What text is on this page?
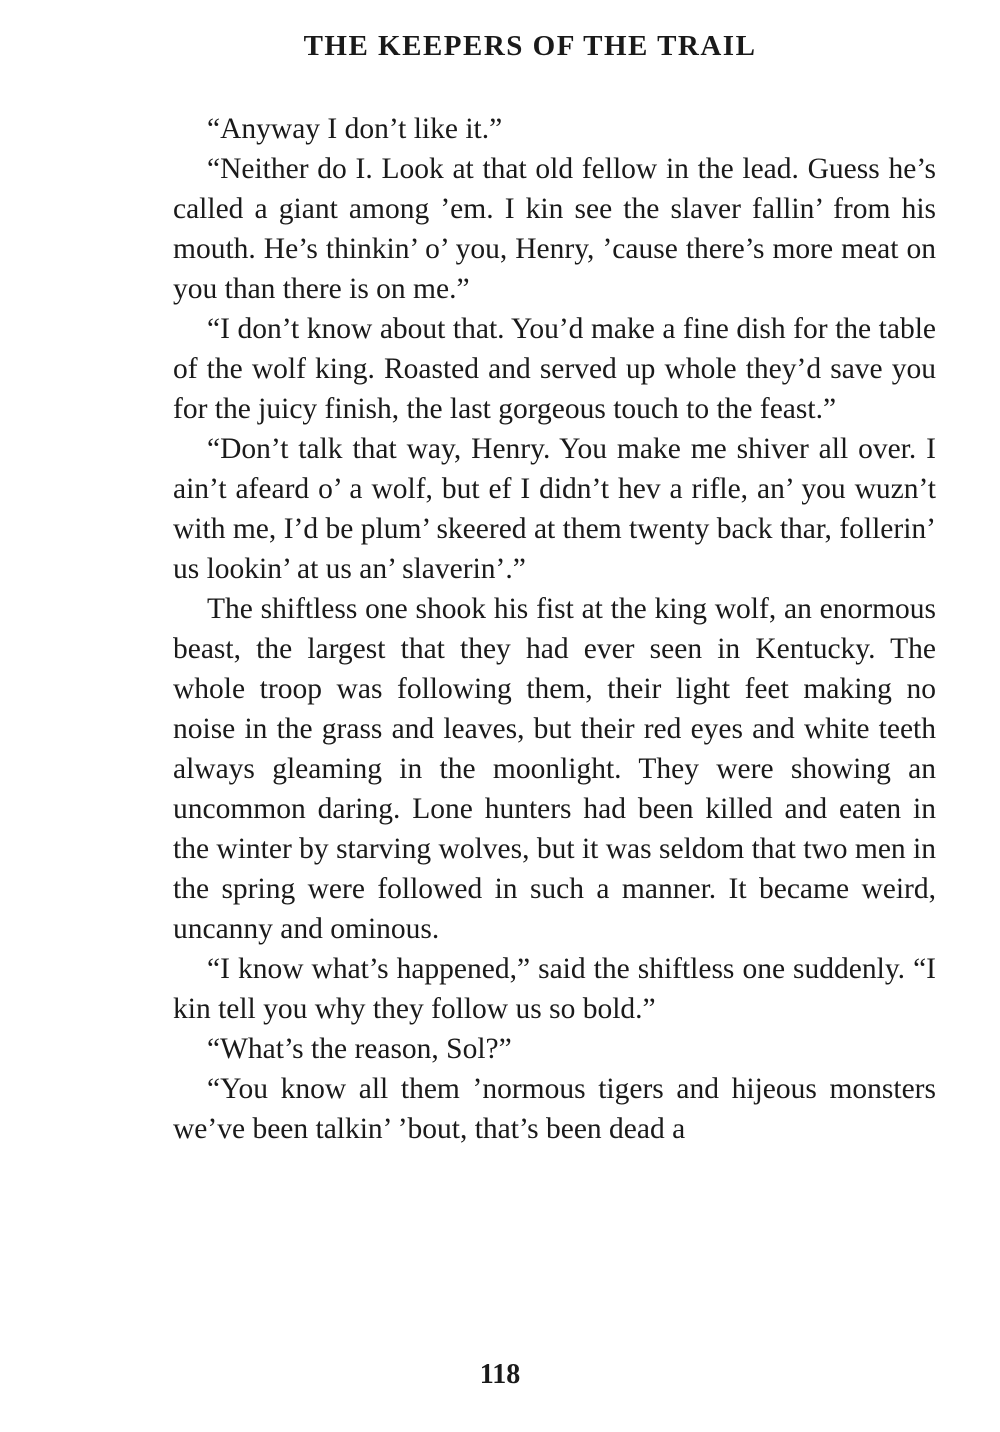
THE KEEPERS OF THE TRAIL

“Anyway I don’t like it.”

“Neither do I. Look at that old fellow in the lead. Guess he’s called a giant among ’em. I kin see the slaver fallin’ from his mouth. He’s thinkin’ o’ you, Henry, ’cause there’s more meat on you than there is on me.”

“I don’t know about that. You’d make a fine dish for the table of the wolf king. Roasted and served up whole they’d save you for the juicy finish, the last gorgeous touch to the feast.”

“Don’t talk that way, Henry. You make me shiver all over. I ain’t afeard o’ a wolf, but ef I didn’t hev a rifle, an’ you wuzn’t with me, I’d be plum’ skeered at them twenty back thar, follerin’ us lookin’ at us an’ slaverin’.”

The shiftless one shook his fist at the king wolf, an enormous beast, the largest that they had ever seen in Kentucky. The whole troop was following them, their light feet making no noise in the grass and leaves, but their red eyes and white teeth always gleaming in the moonlight. They were showing an uncommon daring. Lone hunters had been killed and eaten in the winter by starving wolves, but it was seldom that two men in the spring were followed in such a manner. It became weird, uncanny and ominous.

“I know what’s happened,” said the shiftless one suddenly. “I kin tell you why they follow us so bold.”

“What’s the reason, Sol?”

“You know all them ’normous tigers and hijeous monsters we’ve been talkin’ ’bout, that’s been dead a

118
